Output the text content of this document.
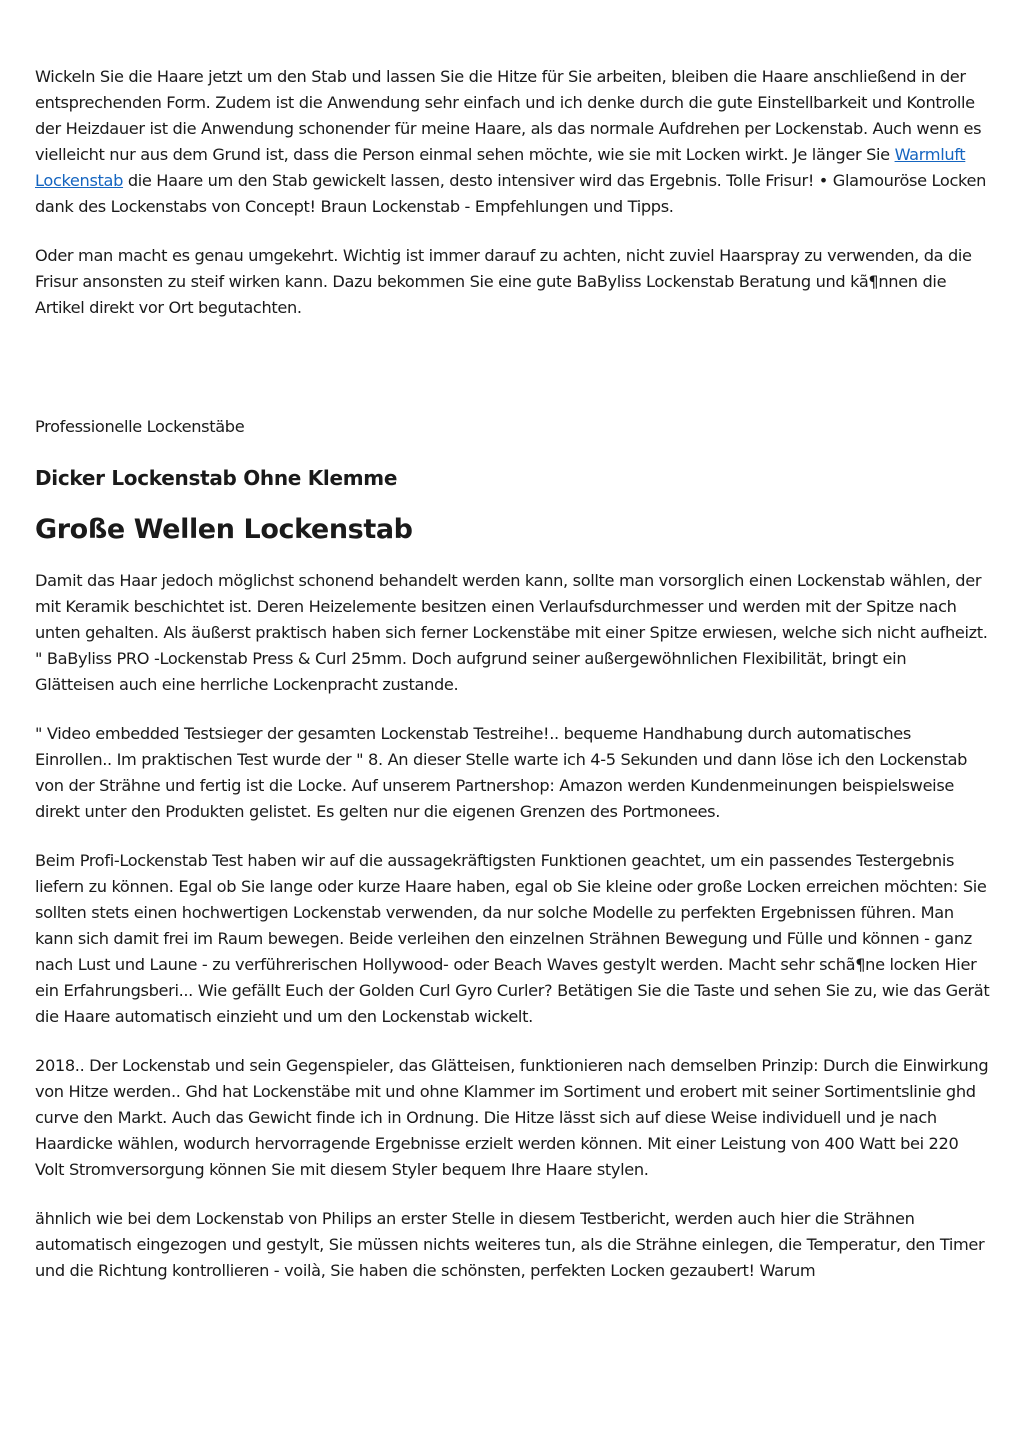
Wickeln Sie die Haare jetzt um den Stab und lassen Sie die Hitze für Sie arbeiten, bleiben die Haare anschließend in der entsprechenden Form. Zudem ist die Anwendung sehr einfach und ich denke durch die gute Einstellbarkeit und Kontrolle der Heizdauer ist die Anwendung schonender für meine Haare, als das normale Aufdrehen per Lockenstab. Auch wenn es vielleicht nur aus dem Grund ist, dass die Person einmal sehen möchte, wie sie mit Locken wirkt. Je länger Sie Warmluft Lockenstab die Haare um den Stab gewickelt lassen, desto intensiver wird das Ergebnis. Tolle Frisur! • Glamouröse Locken dank des Lockenstabs von Concept! Braun Lockenstab - Empfehlungen und Tipps.

Oder man macht es genau umgekehrt. Wichtig ist immer darauf zu achten, nicht zuviel Haarspray zu verwenden, da die Frisur ansonsten zu steif wirken kann. Dazu bekommen Sie eine gute BaByliss Lockenstab Beratung und kã¶nnen die Artikel direkt vor Ort begutachten.

Professionelle Lockenstäbe
Dicker Lockenstab Ohne Klemme
Große Wellen Lockenstab

Damit das Haar jedoch möglichst schonend behandelt werden kann, sollte man vorsorglich einen Lockenstab wählen, der mit Keramik beschichtet ist. Deren Heizelemente besitzen einen Verlaufsdurchmesser und werden mit der Spitze nach unten gehalten. Als äußerst praktisch haben sich ferner Lockenstäbe mit einer Spitze erwiesen, welche sich nicht aufheizt. " BaByliss PRO -Lockenstab Press & Curl 25mm. Doch aufgrund seiner außergewöhnlichen Flexibilität, bringt ein Glätteisen auch eine herrliche Lockenpracht zustande.

" Video embedded Testsieger der gesamten Lockenstab Testreihe!.. bequeme Handhabung durch automatisches Einrollen.. Im praktischen Test wurde der " 8. An dieser Stelle warte ich 4-5 Sekunden und dann löse ich den Lockenstab von der Strähne und fertig ist die Locke. Auf unserem Partnershop: Amazon werden Kundenmeinungen beispielsweise direkt unter den Produkten gelistet. Es gelten nur die eigenen Grenzen des Portmonees.

Beim Profi-Lockenstab Test haben wir auf die aussagekräftigsten Funktionen geachtet, um ein passendes Testergebnis liefern zu können. Egal ob Sie lange oder kurze Haare haben, egal ob Sie kleine oder große Locken erreichen möchten: Sie sollten stets einen hochwertigen Lockenstab verwenden, da nur solche Modelle zu perfekten Ergebnissen führen. Man kann sich damit frei im Raum bewegen. Beide verleihen den einzelnen Strähnen Bewegung und Fülle und können - ganz nach Lust und Laune - zu verführerischen Hollywood- oder Beach Waves gestylt werden. Macht sehr schã¶ne locken Hier ein Erfahrungsberi... Wie gefällt Euch der Golden Curl Gyro Curler? Betätigen Sie die Taste und sehen Sie zu, wie das Gerät die Haare automatisch einzieht und um den Lockenstab wickelt.

2018.. Der Lockenstab und sein Gegenspieler, das Glätteisen, funktionieren nach demselben Prinzip: Durch die Einwirkung von Hitze werden.. Ghd hat Lockenstäbe mit und ohne Klammer im Sortiment und erobert mit seiner Sortimentslinie ghd curve den Markt. Auch das Gewicht finde ich in Ordnung. Die Hitze lässt sich auf diese Weise individuell und je nach Haardicke wählen, wodurch hervorragende Ergebnisse erzielt werden können. Mit einer Leistung von 400 Watt bei 220 Volt Stromversorgung können Sie mit diesem Styler bequem Ihre Haare stylen.

ähnlich wie bei dem Lockenstab von Philips an erster Stelle in diesem Testbericht, werden auch hier die Strähnen automatisch eingezogen und gestylt, Sie müssen nichts weiteres tun, als die Strähne einlegen, die Temperatur, den Timer und die Richtung kontrollieren - voilà, Sie haben die schönsten, perfekten Locken gezaubert! Warum
